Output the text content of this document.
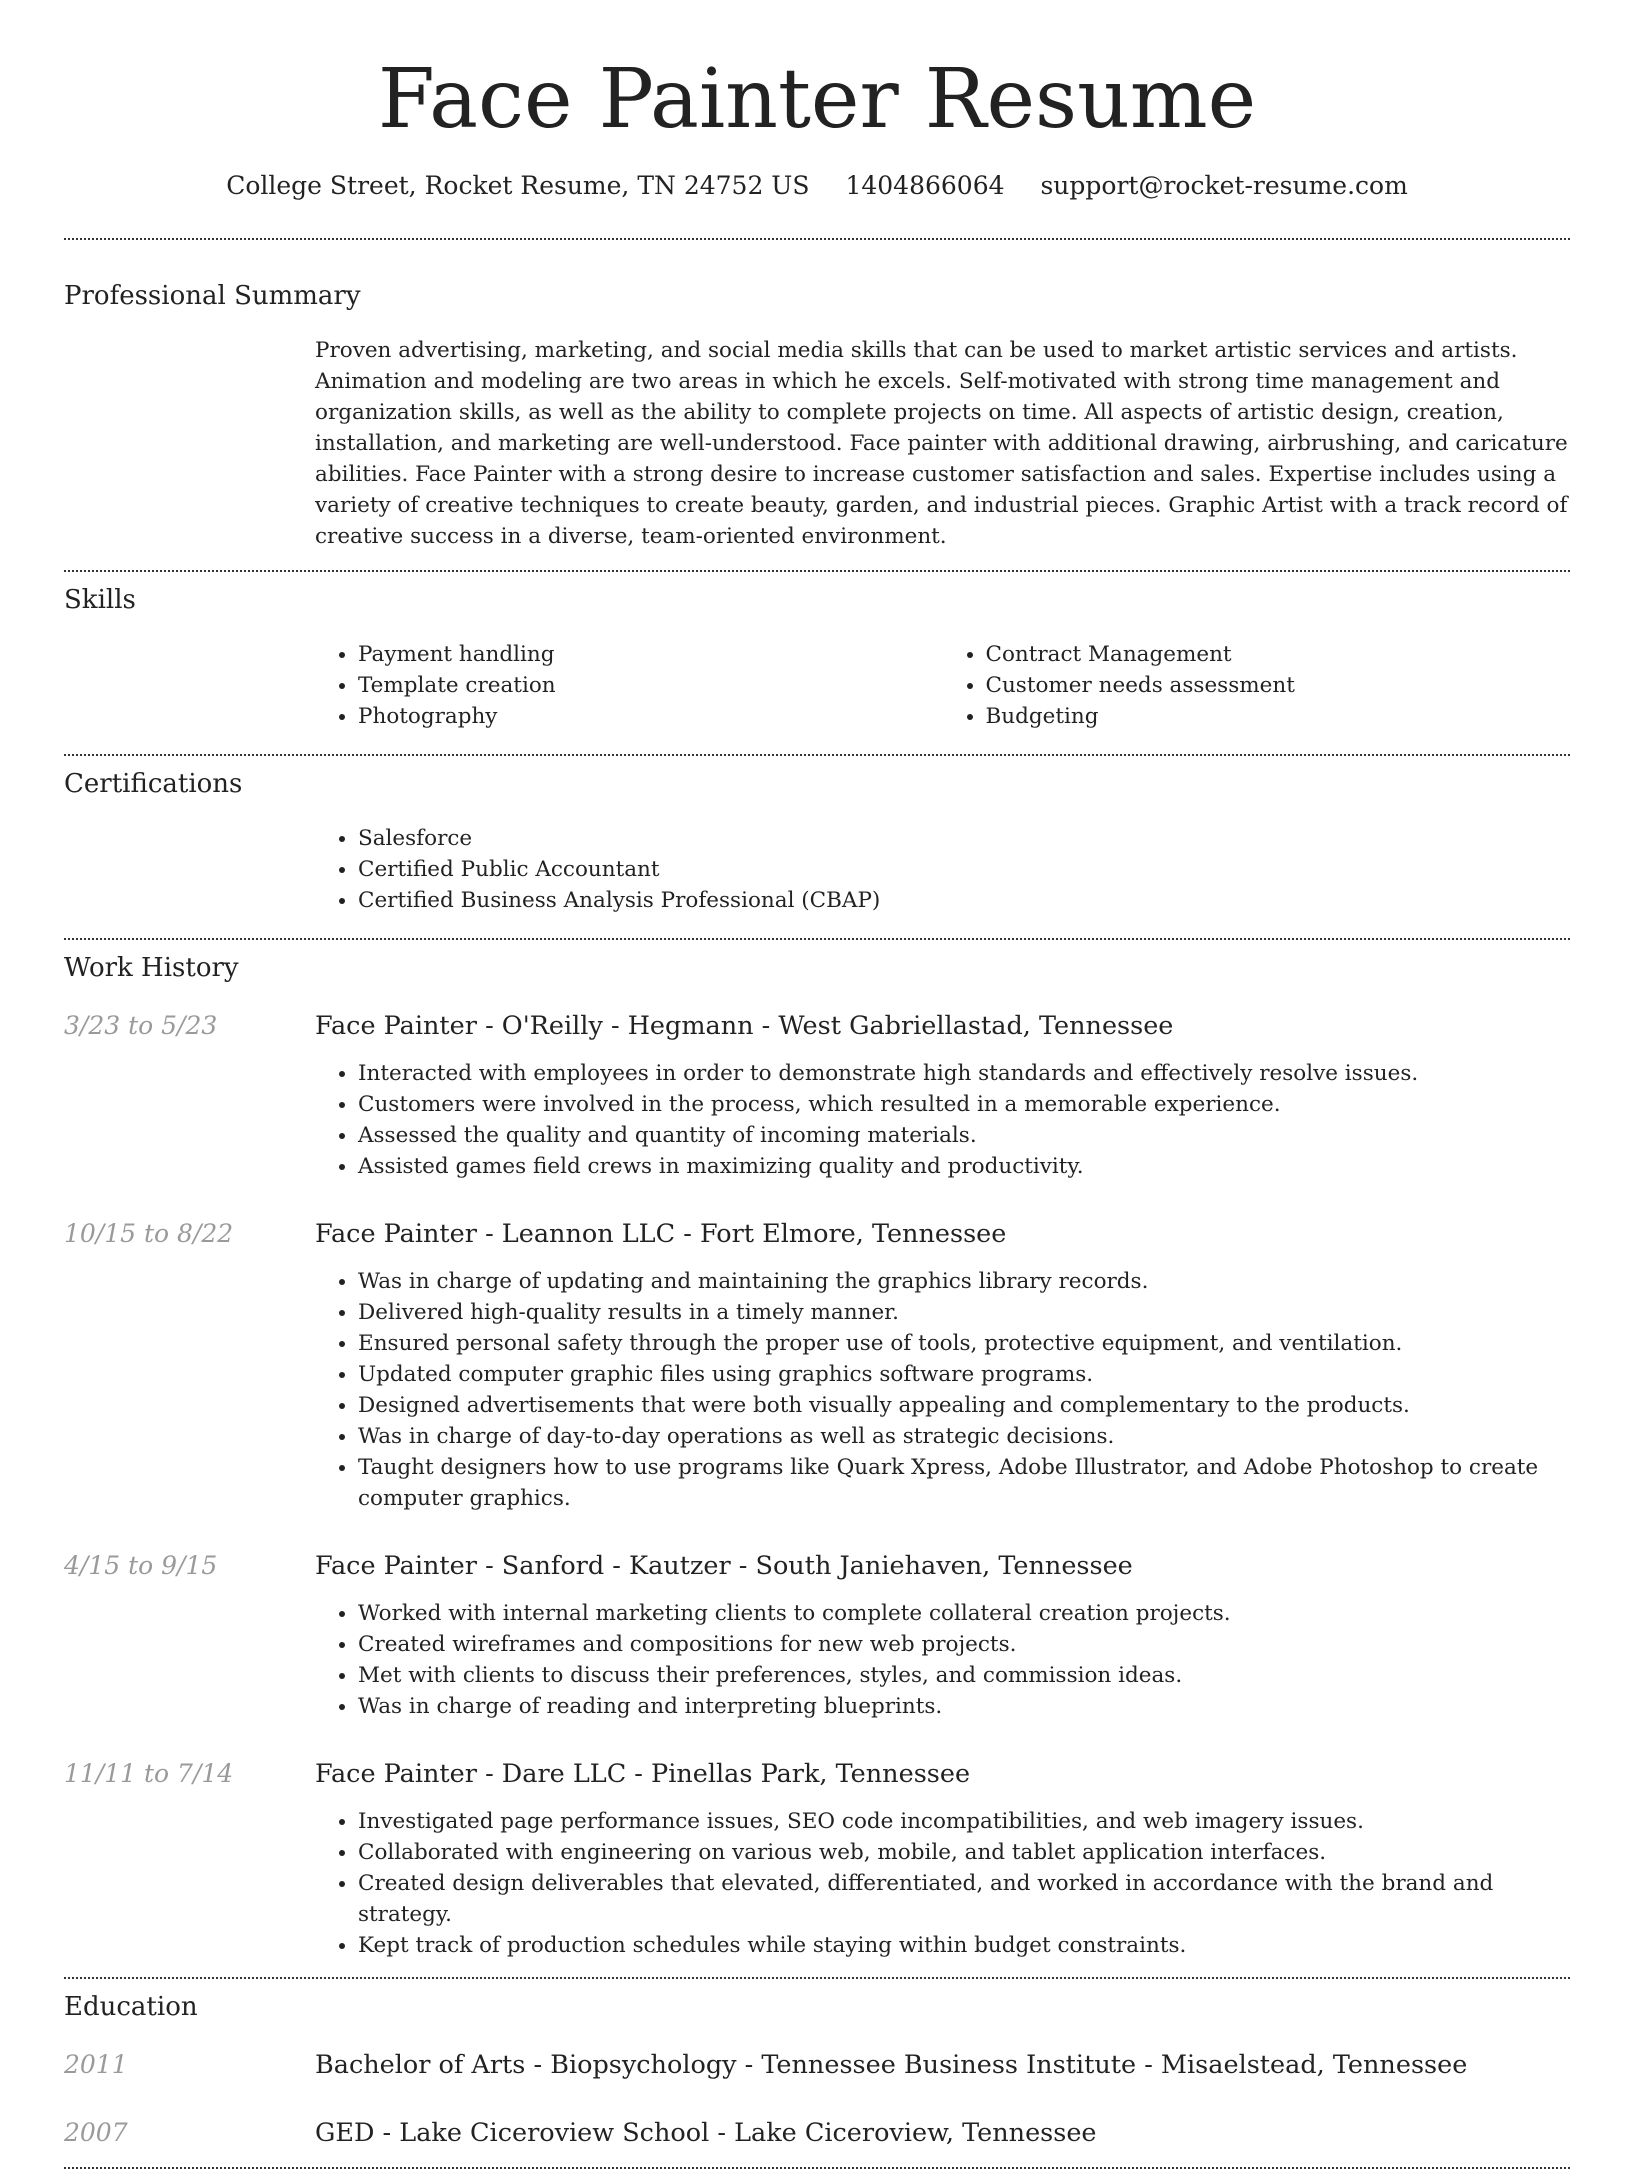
Face Painter Resume
College Street, Rocket Resume, TN 24752 US 1404866064 support@rocket-resume.com
Professional Summary

Proven advertising, marketing, and social media skills that can be used to market artistic services and artists. Animation and modeling are two areas in which he excels. Self-motivated with strong time management and organization skills, as well as the ability to complete projects on time. All aspects of artistic design, creation, installation, and marketing are well-understood. Face painter with additional drawing, airbrushing, and caricature abilities. Face Painter with a strong desire to increase customer satisfaction and sales. Expertise includes using a variety of creative techniques to create beauty, garden, and industrial pieces. Graphic Artist with a track record of creative success in a diverse, team-oriented environment.

Skills
• Payment handling
• Template creation
• Photography
• Contract Management
• Customer needs assessment
• Budgeting
Certifications
• Salesforce
• Certified Public Accountant
• Certified Business Analysis Professional (CBAP)
Work History
3/23 to 5/23	Face Painter - O'Reilly - Hegmann - West Gabriellastad, Tennessee
• Interacted with employees in order to demonstrate high standards and effectively resolve issues.
• Customers were involved in the process, which resulted in a memorable experience.
• Assessed the quality and quantity of incoming materials.
• Assisted games field crews in maximizing quality and productivity.
10/15 to 8/22	Face Painter - Leannon LLC - Fort Elmore, Tennessee
• Was in charge of updating and maintaining the graphics library records.
• Delivered high-quality results in a timely manner.
• Ensured personal safety through the proper use of tools, protective equipment, and ventilation.
• Updated computer graphic files using graphics software programs.
• Designed advertisements that were both visually appealing and complementary to the products.
• Was in charge of day-to-day operations as well as strategic decisions.
• Taught designers how to use programs like Quark Xpress, Adobe Illustrator, and Adobe Photoshop to create computer graphics.
4/15 to 9/15	Face Painter - Sanford - Kautzer - South Janiehaven, Tennessee
• Worked with internal marketing clients to complete collateral creation projects.
• Created wireframes and compositions for new web projects.
• Met with clients to discuss their preferences, styles, and commission ideas.
• Was in charge of reading and interpreting blueprints.
11/11 to 7/14	Face Painter - Dare LLC - Pinellas Park, Tennessee
• Investigated page performance issues, SEO code incompatibilities, and web imagery issues.
• Collaborated with engineering on various web, mobile, and tablet application interfaces.
• Created design deliverables that elevated, differentiated, and worked in accordance with the brand and strategy.
• Kept track of production schedules while staying within budget constraints.
Education
2011	Bachelor of Arts - Biopsychology - Tennessee Business Institute - Misaelstead, Tennessee
2007	GED - Lake Ciceroview School - Lake Ciceroview, Tennessee
